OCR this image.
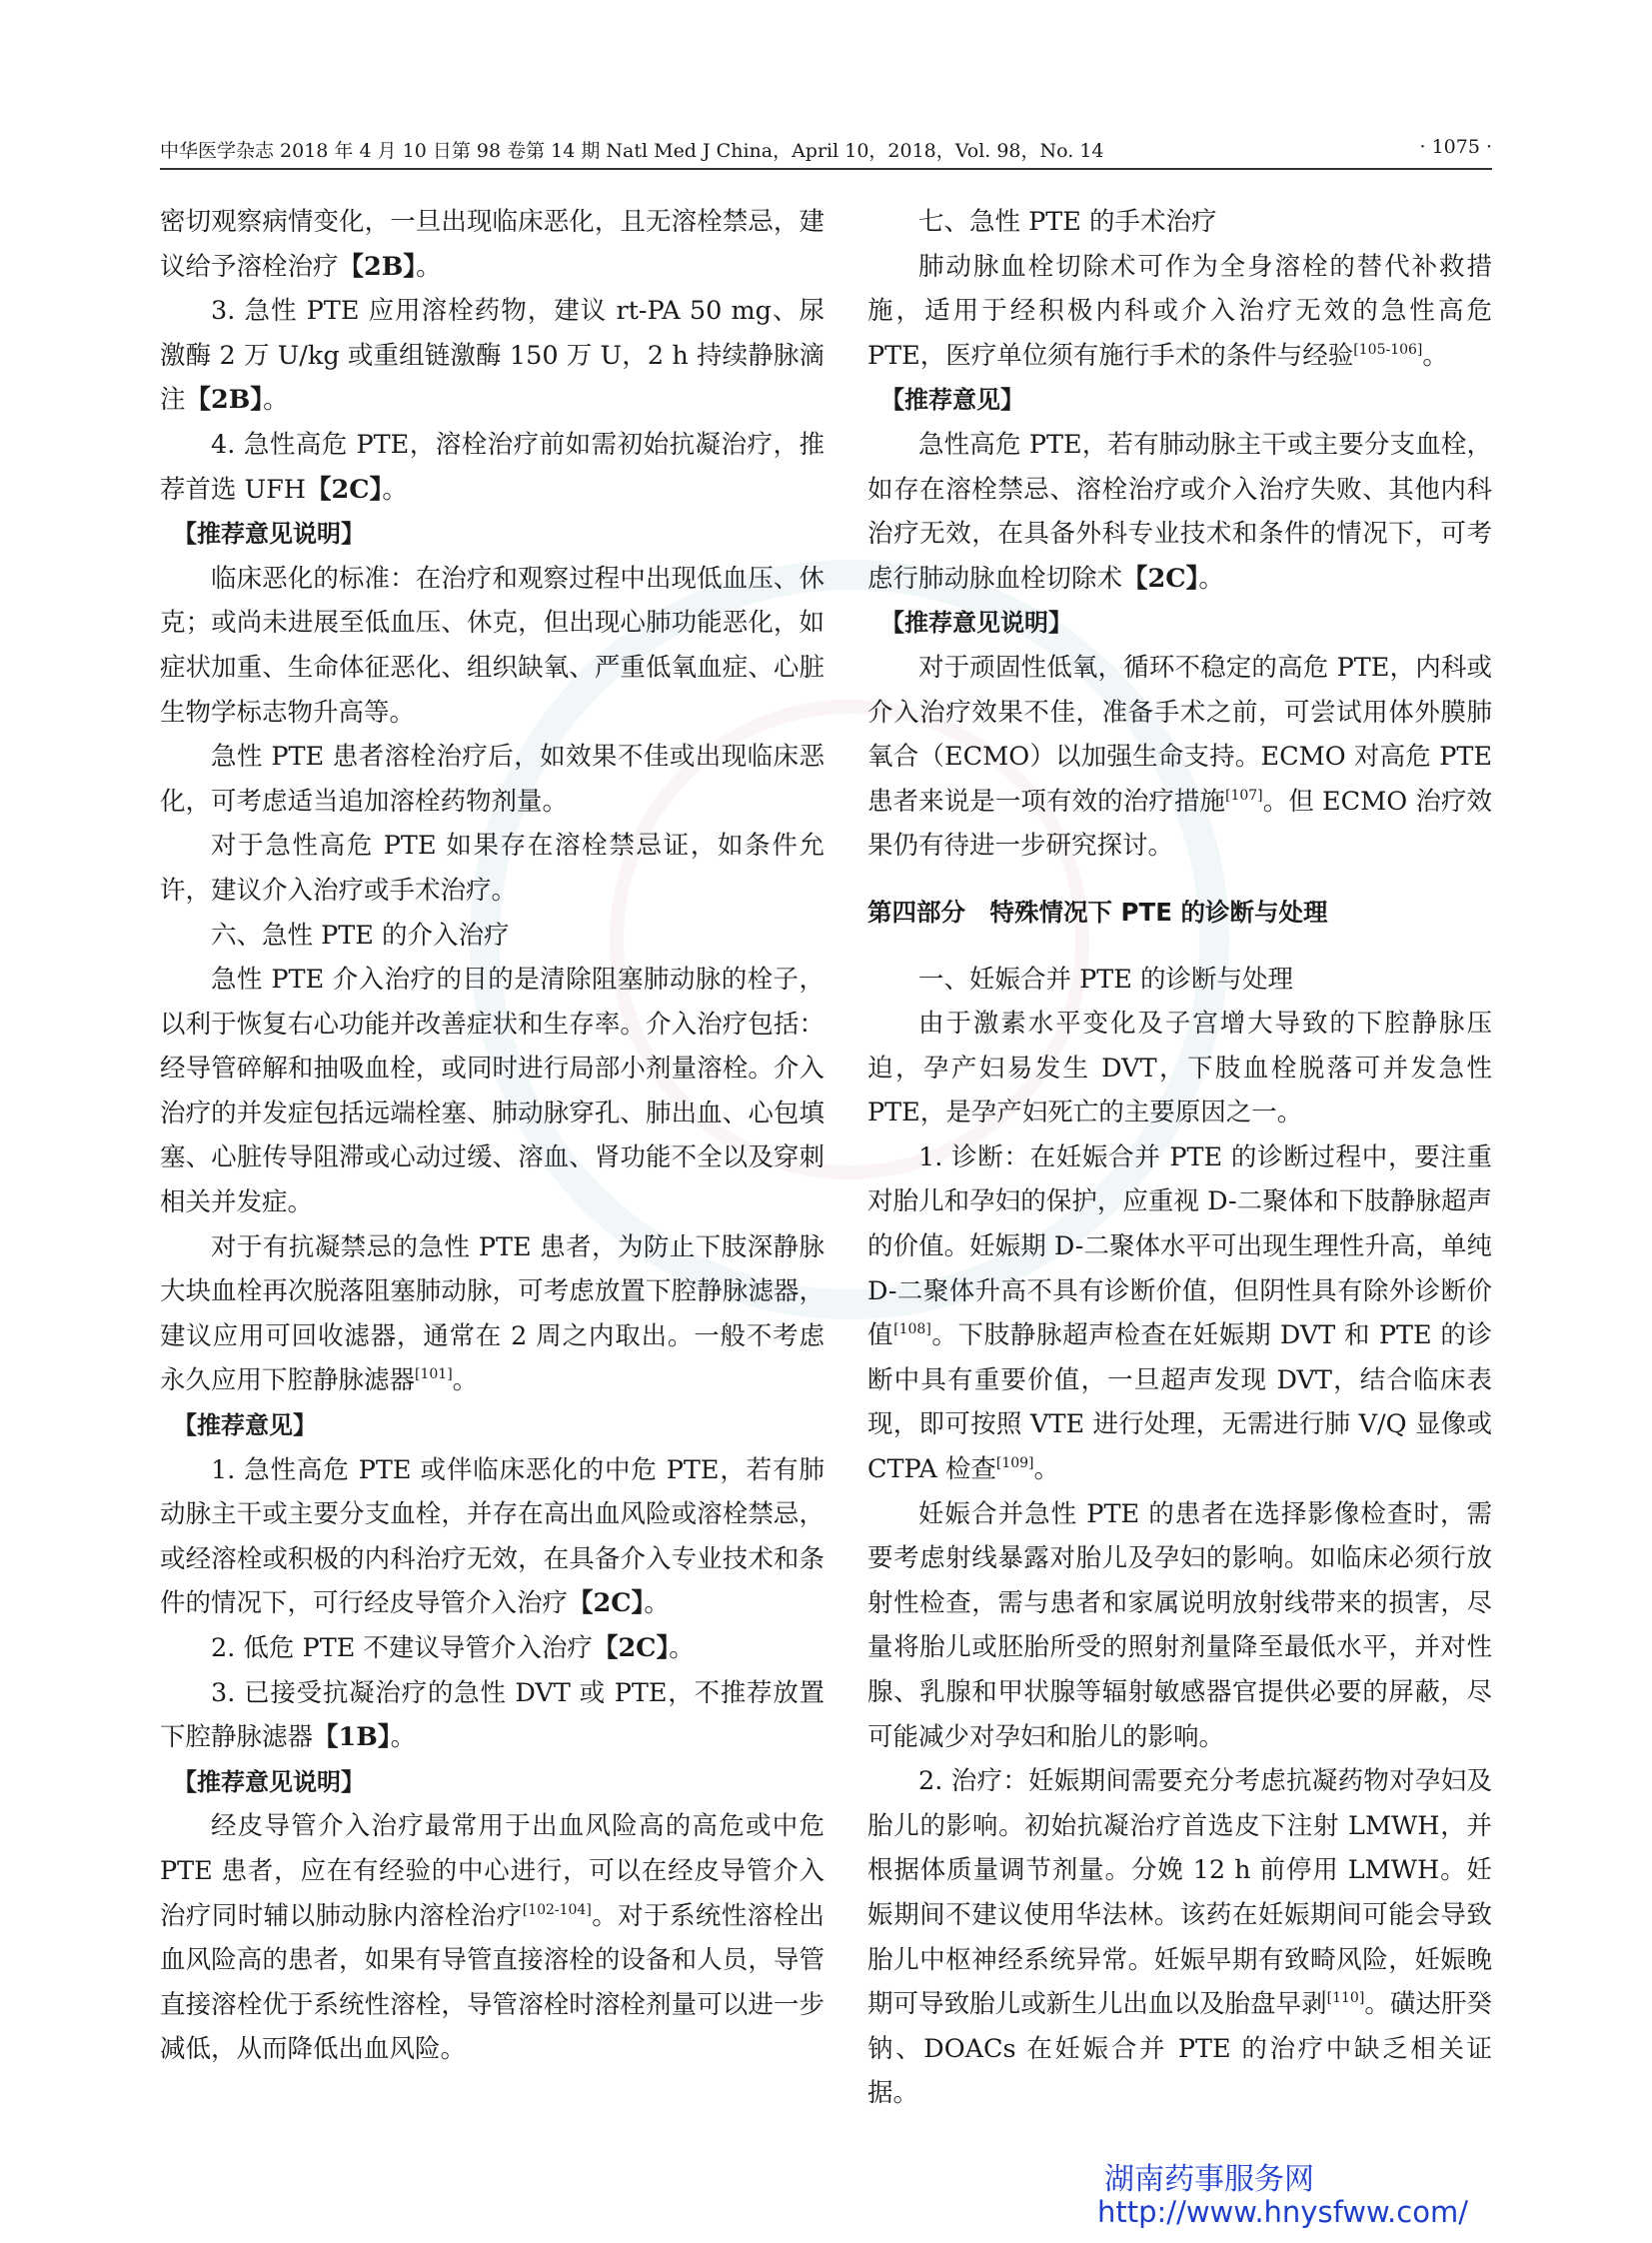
中华医学杂志 2018 年 4 月 10 日第 98 卷第 14 期 Natl Med J China，April 10，2018，Vol. 98，No. 14	· 1075 ·

密切观察病情变化，一旦出现临床恶化，且无溶栓禁忌，建议给予溶栓治疗【2B】。

3. 急性 PTE 应用溶栓药物，建议 rt-PA 50 mg、尿激酶 2 万 U/kg 或重组链激酶 150 万 U，2 h 持续静脉滴注【2B】。

4. 急性高危 PTE，溶栓治疗前如需初始抗凝治疗，推荐首选 UFH【2C】。

【推荐意见说明】

临床恶化的标准：在治疗和观察过程中出现低血压、休克；或尚未进展至低血压、休克，但出现心肺功能恶化，如症状加重、生命体征恶化、组织缺氧、严重低氧血症、心脏生物学标志物升高等。

急性 PTE 患者溶栓治疗后，如效果不佳或出现临床恶化，可考虑适当追加溶栓药物剂量。

对于急性高危 PTE 如果存在溶栓禁忌证，如条件允许，建议介入治疗或手术治疗。

六、急性 PTE 的介入治疗

急性 PTE 介入治疗的目的是清除阻塞肺动脉的栓子，以利于恢复右心功能并改善症状和生存率。介入治疗包括：经导管碎解和抽吸血栓，或同时进行局部小剂量溶栓。介入治疗的并发症包括远端栓塞、肺动脉穿孔、肺出血、心包填塞、心脏传导阻滞或心动过缓、溶血、肾功能不全以及穿刺相关并发症。

对于有抗凝禁忌的急性 PTE 患者，为防止下肢深静脉大块血栓再次脱落阻塞肺动脉，可考虑放置下腔静脉滤器，建议应用可回收滤器，通常在 2 周之内取出。一般不考虑永久应用下腔静脉滤器[101]。

【推荐意见】

1. 急性高危 PTE 或伴临床恶化的中危 PTE，若有肺动脉主干或主要分支血栓，并存在高出血风险或溶栓禁忌，或经溶栓或积极的内科治疗无效，在具备介入专业技术和条件的情况下，可行经皮导管介入治疗【2C】。

2. 低危 PTE 不建议导管介入治疗【2C】。

3. 已接受抗凝治疗的急性 DVT 或 PTE，不推荐放置下腔静脉滤器【1B】。

【推荐意见说明】

经皮导管介入治疗最常用于出血风险高的高危或中危 PTE 患者，应在有经验的中心进行，可以在经皮导管介入治疗同时辅以肺动脉内溶栓治疗[102-104]。对于系统性溶栓出血风险高的患者，如果有导管直接溶栓的设备和人员，导管直接溶栓优于系统性溶栓，导管溶栓时溶栓剂量可以进一步减低，从而降低出血风险。

七、急性 PTE 的手术治疗

肺动脉血栓切除术可作为全身溶栓的替代补救措施，适用于经积极内科或介入治疗无效的急性高危 PTE，医疗单位须有施行手术的条件与经验[105-106]。

【推荐意见】

急性高危 PTE，若有肺动脉主干或主要分支血栓，如存在溶栓禁忌、溶栓治疗或介入治疗失败、其他内科治疗无效，在具备外科专业技术和条件的情况下，可考虑行肺动脉血栓切除术【2C】。

【推荐意见说明】

对于顽固性低氧，循环不稳定的高危 PTE，内科或介入治疗效果不佳，准备手术之前，可尝试用体外膜肺氧合（ECMO）以加强生命支持。ECMO 对高危 PTE 患者来说是一项有效的治疗措施[107]。但 ECMO 治疗效果仍有待进一步研究探讨。

第四部分　特殊情况下 PTE 的诊断与处理

一、妊娠合并 PTE 的诊断与处理

由于激素水平变化及子宫增大导致的下腔静脉压迫，孕产妇易发生 DVT，下肢血栓脱落可并发急性 PTE，是孕产妇死亡的主要原因之一。

1. 诊断：在妊娠合并 PTE 的诊断过程中，要注重对胎儿和孕妇的保护，应重视 D-二聚体和下肢静脉超声的价值。妊娠期 D-二聚体水平可出现生理性升高，单纯 D-二聚体升高不具有诊断价值，但阴性具有除外诊断价值[108]。下肢静脉超声检查在妊娠期 DVT 和 PTE 的诊断中具有重要价值，一旦超声发现 DVT，结合临床表现，即可按照 VTE 进行处理，无需进行肺 V/Q 显像或 CTPA 检查[109]。

妊娠合并急性 PTE 的患者在选择影像检查时，需要考虑射线暴露对胎儿及孕妇的影响。如临床必须行放射性检查，需与患者和家属说明放射线带来的损害，尽量将胎儿或胚胎所受的照射剂量降至最低水平，并对性腺、乳腺和甲状腺等辐射敏感器官提供必要的屏蔽，尽可能减少对孕妇和胎儿的影响。

2. 治疗：妊娠期间需要充分考虑抗凝药物对孕妇及胎儿的影响。初始抗凝治疗首选皮下注射 LMWH，并根据体质量调节剂量。分娩 12 h 前停用 LMWH。妊娠期间不建议使用华法林。该药在妊娠期间可能会导致胎儿中枢神经系统异常。妊娠早期有致畸风险，妊娠晚期可导致胎儿或新生儿出血以及胎盘早剥[110]。磺达肝癸钠、DOACs 在妊娠合并 PTE 的治疗中缺乏相关证据。

湖南药事服务网
http://www.hnysfww.com/
